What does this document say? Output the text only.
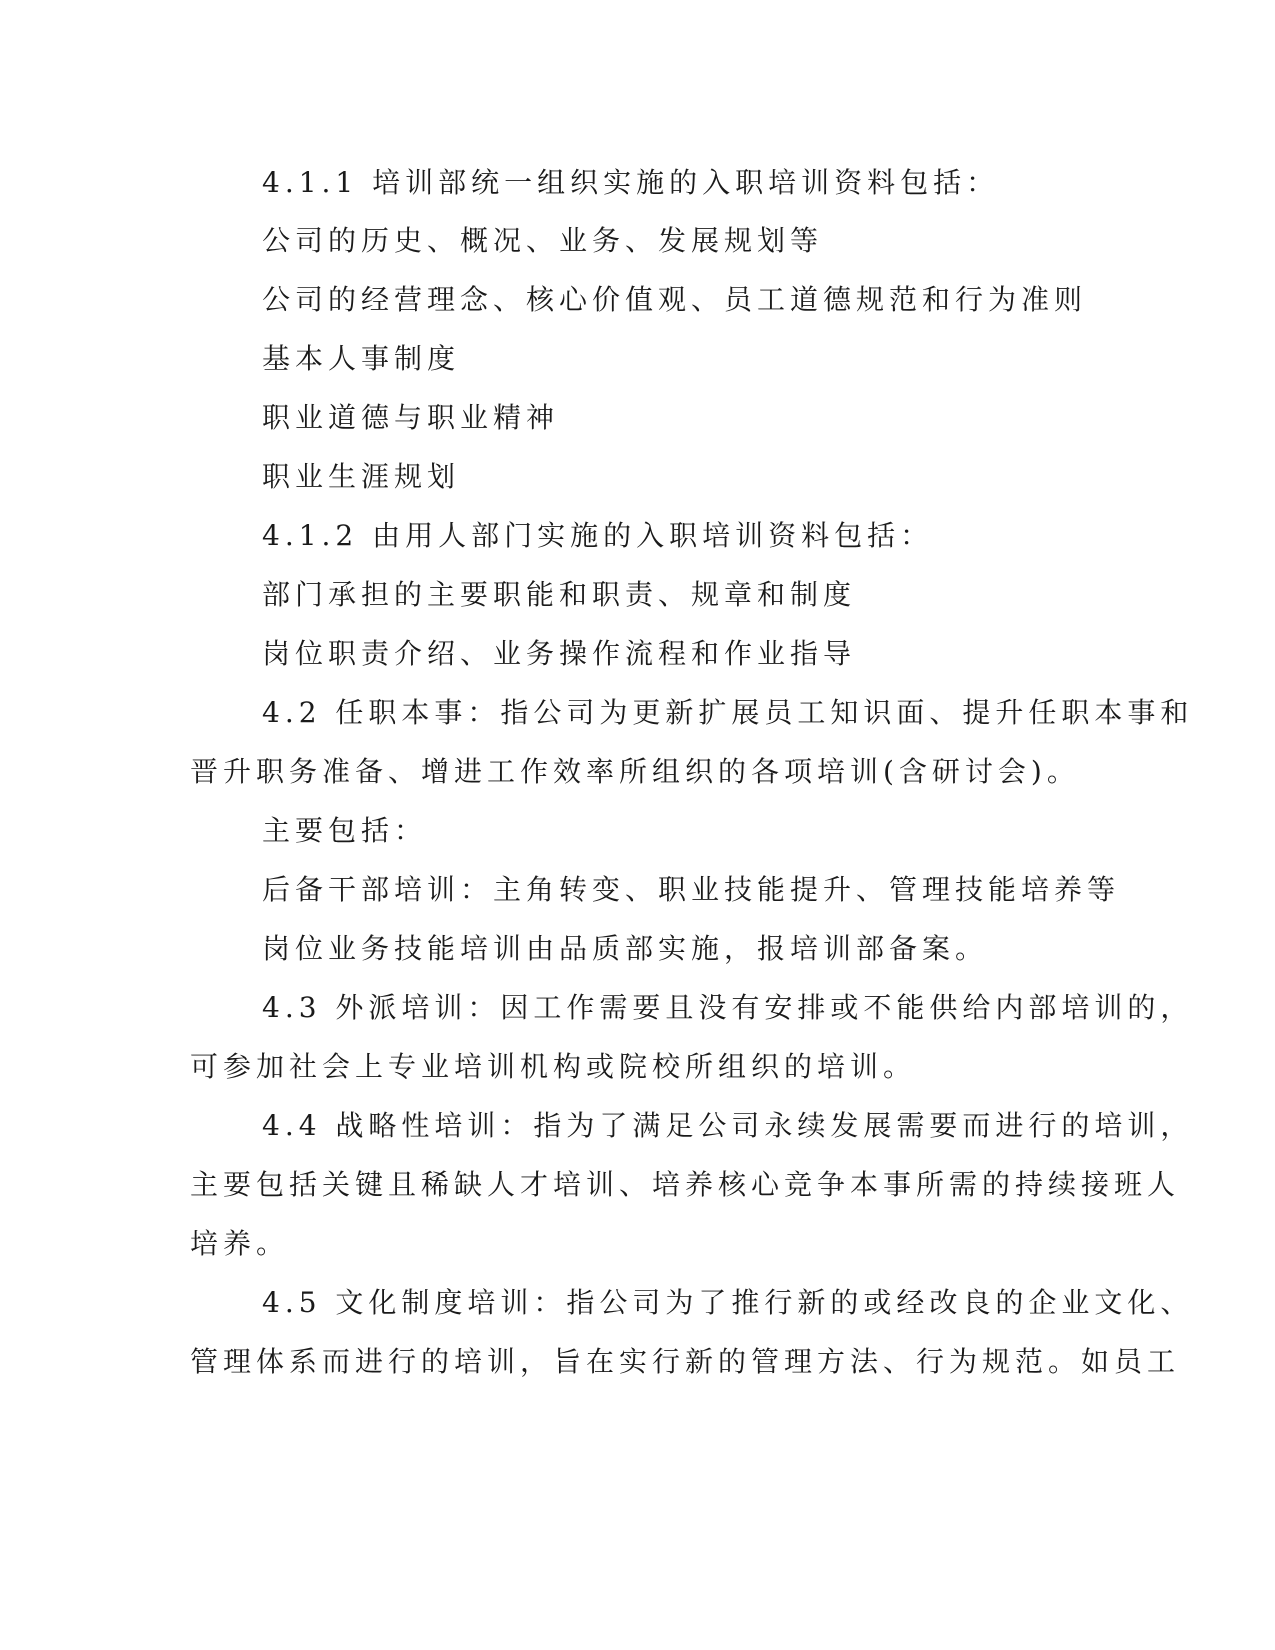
4.1.1 培训部统一组织实施的入职培训资料包括：
公司的历史、概况、业务、发展规划等
公司的经营理念、核心价值观、员工道德规范和行为准则
基本人事制度
职业道德与职业精神
职业生涯规划
4.1.2 由用人部门实施的入职培训资料包括：
部门承担的主要职能和职责、规章和制度
岗位职责介绍、业务操作流程和作业指导
4.2 任职本事：指公司为更新扩展员工知识面、提升任职本事和
晋升职务准备、增进工作效率所组织的各项培训(含研讨会)。
主要包括：
后备干部培训：主角转变、职业技能提升、管理技能培养等
岗位业务技能培训由品质部实施，报培训部备案。
4.3 外派培训：因工作需要且没有安排或不能供给内部培训的，
可参加社会上专业培训机构或院校所组织的培训。
4.4 战略性培训：指为了满足公司永续发展需要而进行的培训，
主要包括关键且稀缺人才培训、培养核心竞争本事所需的持续接班人
培养。
4.5 文化制度培训：指公司为了推行新的或经改良的企业文化、
管理体系而进行的培训，旨在实行新的管理方法、行为规范。如员工
